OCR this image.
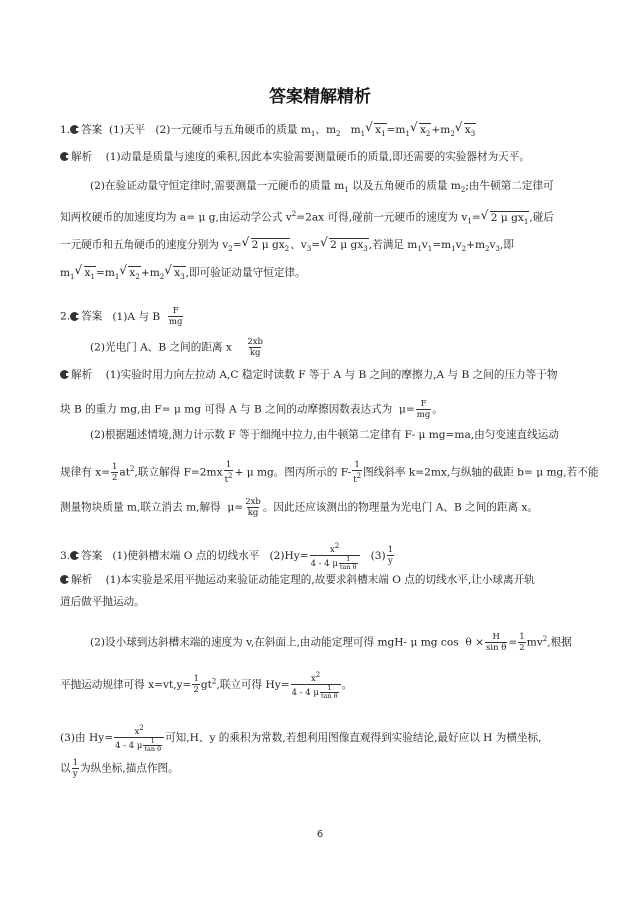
答案精解精析
1. 答案  (1)天平   (2)一元硬币与五角硬币的质量 $m_1$、$m_2$   $m_1√$ $x_1=m_1√$ $x_2+m_2√$ $x_3$
解析    (1)动量是质量与速度的乘积,因此本实验需要测量硬币的质量,即还需要的实验器材为天平。
(2)在验证动量守恒定律时,需要测量一元硬币的质量 $m_1$ 以及五角硬币的质量 $m_2$;由牛顿第二定律可
知两枚硬币的加速度均为 a= μ g,由运动学公式 $v^2=2ax$ 可得,碰前一元硬币的速度为 $v_1=√$ 2 μ $gx_1$,碰后
一元硬币和五角硬币的速度分别为 $v_2=√$ 2 μ $gx_2$、$v_3=√$ 2 μ $gx_3$,若满足 $m_1v_1=m_1v_2+m_2v_3$,即
$m_1√$ $x_1=m_1√$ $x_2+m_2√$ $x_3$,即可验证动量守恒定律。
2. 答案   (1)A 与 B $\frac{F}{mg}$
(2)光电门 A、B 之间的距离 x $\frac{2xb}{kg}$
解析    (1)实验时用力向左拉动 A,C 稳定时读数 F 等于 A 与 B 之间的摩擦力,A 与 B 之间的压力等于物
块 B 的重力 mg,由 F= μ mg 可得 A 与 B 之间的动摩擦因数表达式为  $\mu= \frac{F}{mg}$ 。
(2)根据题述情境,测力计示数 F 等于细绳中拉力,由牛顿第二定律有 F- μ mg=ma,由匀变速直线运动
规律有 $x= \frac{1}{2} at^2$,联立解得 $F=2mx \frac{1}{t^2} + \mu$ mg。图丙所示的 $F- \frac{1}{t^2}$ 图线斜率 k=2mx,与纵轴的截距 b= μ mg,若不能
测量物块质量 m,联立消去 m,解得  $\mu= \frac{2xb}{kg}$ 。因此还应该测出的物理量为光电门 A、B 之间的距离 x。
3. 答案   (1)使斜槽末端 O 点的切线水平   $(2)Hy= \frac{x^2}{4 - 4 \mu \frac{1}{\text{tan θ}}} (3) \frac{1}{y}$
解析    (1)本实验是采用平抛运动来验证动能定理的,故要求斜槽末端 O 点的切线水平,让小球离开轨
道后做平抛运动。
(2)设小球到达斜槽末端的速度为 v,在斜面上,由动能定理可得 mgH- μ mg $\cos \theta \times \frac{H}{\text{sin θ}} = \frac{1}{2} mv^2$,根据
平抛运动规律可得 $x=vt,y= \frac{1}{2} gt^2$,联立可得 $Hy= \frac{x^2}{4 - 4 \mu \frac{1}{\text{tan θ}}}$ 。
(3)由 $Hy= \frac{x^2}{4 - 4 \mu \frac{1}{\text{tan θ}}}$ 可知,H、y 的乘积为常数,若想利用图像直观得到实验结论,最好应以 H 为横坐标,
以 $\frac{1}{y}$ 为纵坐标,描点作图。
6
